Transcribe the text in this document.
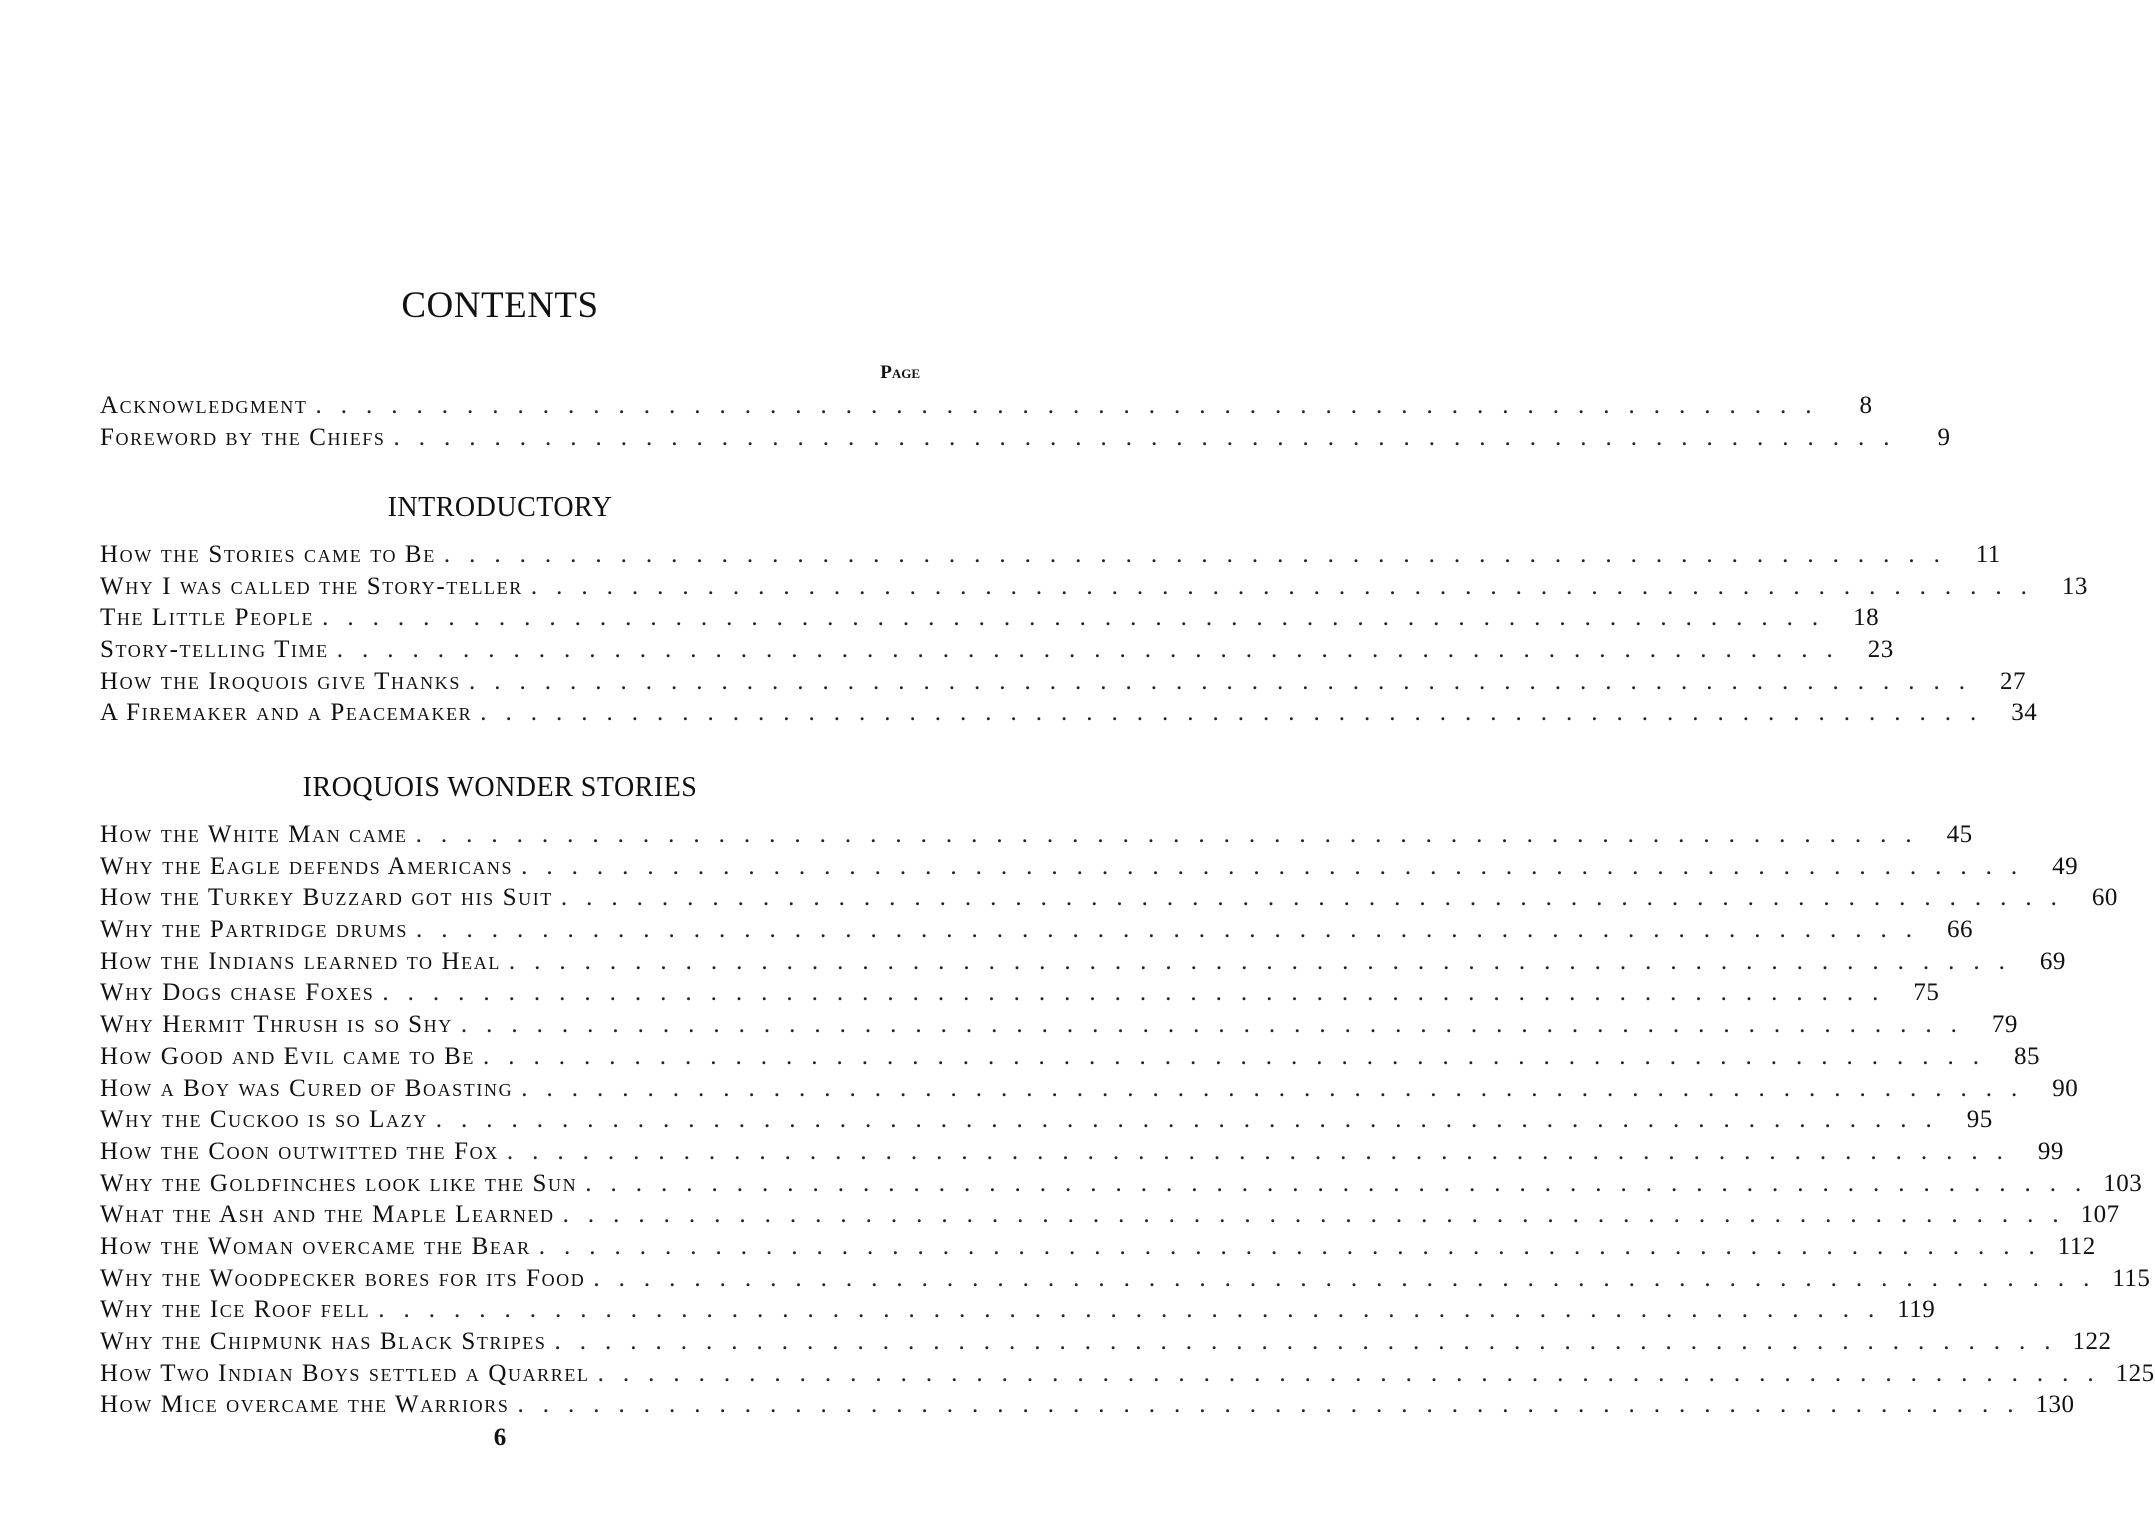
CONTENTS
Page
Acknowledgment ............................................................	8
Foreword by the Chiefs ............................................................	9
INTRODUCTORY
How the Stories came to Be ............................................................ 11
Why I was called the Story-teller ............................................................ 13
The Little People ............................................................ 18
Story-telling Time ............................................................ 23
How the Iroquois give Thanks ............................................................ 27
A Firemaker and a Peacemaker ............................................................ 34
IROQUOIS WONDER STORIES
How the White Man came ............................................................ 45
Why the Eagle defends Americans ............................................................ 49
How the Turkey Buzzard got his Suit ............................................................ 60
Why the Partridge drums ............................................................ 66
How the Indians learned to Heal ............................................................ 69
Why Dogs chase Foxes ............................................................ 75
Why Hermit Thrush is so Shy ............................................................ 79
How Good and Evil came to Be ............................................................ 85
How a Boy was Cured of Boasting ............................................................ 90
Why the Cuckoo is so Lazy ............................................................ 95
How the Coon outwitted the Fox ............................................................ 99
Why the Goldfinches look like the Sun ............................................................ 103
What the Ash and the Maple Learned ............................................................ 107
How the Woman overcame the Bear ............................................................ 112
Why the Woodpecker bores for its Food ............................................................ 115
Why the Ice Roof fell ............................................................ 119
Why the Chipmunk has Black Stripes ............................................................ 122
How Two Indian Boys settled a Quarrel ............................................................ 125
How Mice overcame the Warriors ............................................................ 130
6
